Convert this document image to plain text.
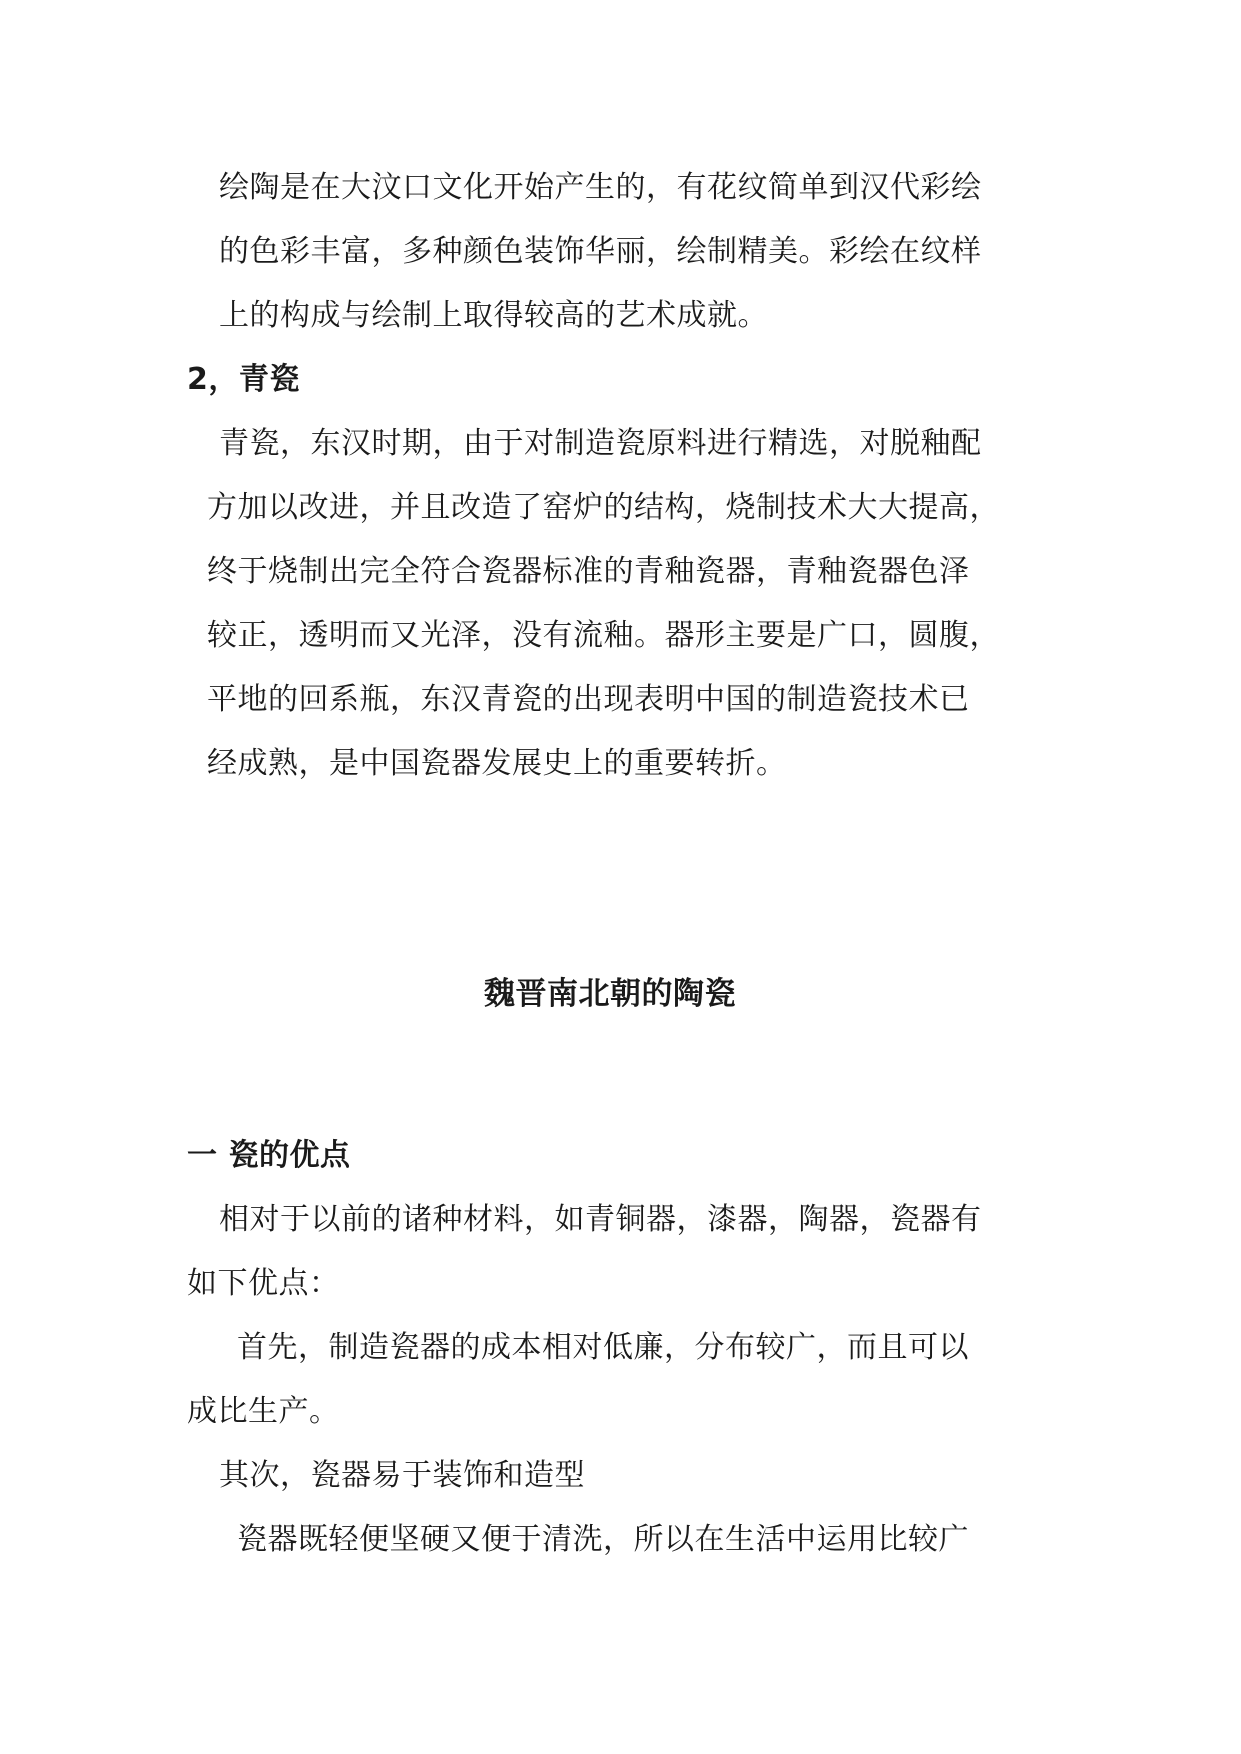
绘陶是在大汶口文化开始产生的，有花纹简单到汉代彩绘
的色彩丰富，多种颜色装饰华丽，绘制精美。彩绘在纹样
上的构成与绘制上取得较高的艺术成就。
2，青瓷
青瓷，东汉时期，由于对制造瓷原料进行精选，对脱釉配
方加以改进，并且改造了窑炉的结构，烧制技术大大提高，
终于烧制出完全符合瓷器标准的青釉瓷器，青釉瓷器色泽
较正，透明而又光泽，没有流釉。器形主要是广口，圆腹，
平地的回系瓶，东汉青瓷的出现表明中国的制造瓷技术已
经成熟，是中国瓷器发展史上的重要转折。
魏晋南北朝的陶瓷
一 瓷的优点
相对于以前的诸种材料，如青铜器，漆器，陶器，瓷器有
如下优点：
首先，制造瓷器的成本相对低廉，分布较广，而且可以
成比生产。
其次，瓷器易于装饰和造型
瓷器既轻便坚硬又便于清洗，所以在生活中运用比较广
